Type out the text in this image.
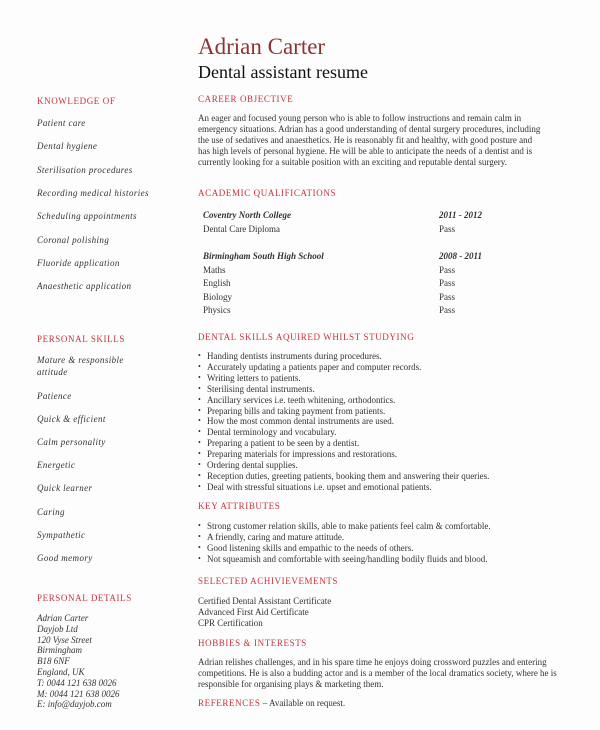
Adrian Carter
Dental assistant resume
KNOWLEDGE OF
Patient care
Dental hygiene
Sterilisation procedures
Recording medical histories
Scheduling appointments
Coronal polishing
Fluoride application
Anaesthetic application
PERSONAL SKILLS
Mature & responsible attitude
Patience
Quick & efficient
Calm personality
Energetic
Quick learner
Caring
Sympathetic
Good memory
PERSONAL DETAILS
Adrian Carter
Dayjob Ltd
120 Vyse Street
Birmingham
B18 6NF
England, UK
T: 0044 121 638 0026
M: 0044 121 638 0026
E: info@dayjob.com
CAREER OBJECTIVE
An eager and focused young person who is able to follow instructions and remain calm in emergency situations. Adrian has a good understanding of dental surgery procedures, including the use of sedatives and anaesthetics. He is reasonably fit and healthy, with good posture and has high levels of personal hygiene. He will be able to anticipate the needs of a dentist and is currently looking for a suitable position with an exciting and reputable dental surgery.
ACADEMIC QUALIFICATIONS
Coventry North College	2011 - 2012
Dental Care Diploma	Pass
Birmingham South High School	2008 - 2011
Maths	Pass
English	Pass
Biology	Pass
Physics	Pass
DENTAL SKILLS AQUIRED WHILST STUDYING
• Handing dentists instruments during procedures.
• Accurately updating a patients paper and computer records.
• Writing letters to patients.
• Sterilising dental instruments.
• Ancillary services i.e. teeth whitening, orthodontics.
• Preparing bills and taking payment from patients.
• How the most common dental instruments are used.
• Dental terminology and vocabulary.
• Preparing a patient to be seen by a dentist.
• Preparing materials for impressions and restorations.
• Ordering dental supplies.
• Reception duties, greeting patients, booking them and answering their queries.
• Deal with stressful situations i.e. upset and emotional patients.
KEY ATTRIBUTES
• Strong customer relation skills, able to make patients feel calm & comfortable.
• A friendly, caring and mature attitude.
• Good listening skills and empathic to the needs of others.
• Not squeamish and comfortable with seeing/handling bodily fluids and blood.
SELECTED ACHIVIEVEMENTS
Certified Dental Assistant Certificate
Advanced First Aid Certificate
CPR Certification
HOBBIES & INTERESTS
Adrian relishes challenges, and in his spare time he enjoys doing crossword puzzles and entering competitions. He is also a budding actor and is a member of the local dramatics society, where he is responsible for organising plays & marketing them.
REFERENCES – Available on request.
